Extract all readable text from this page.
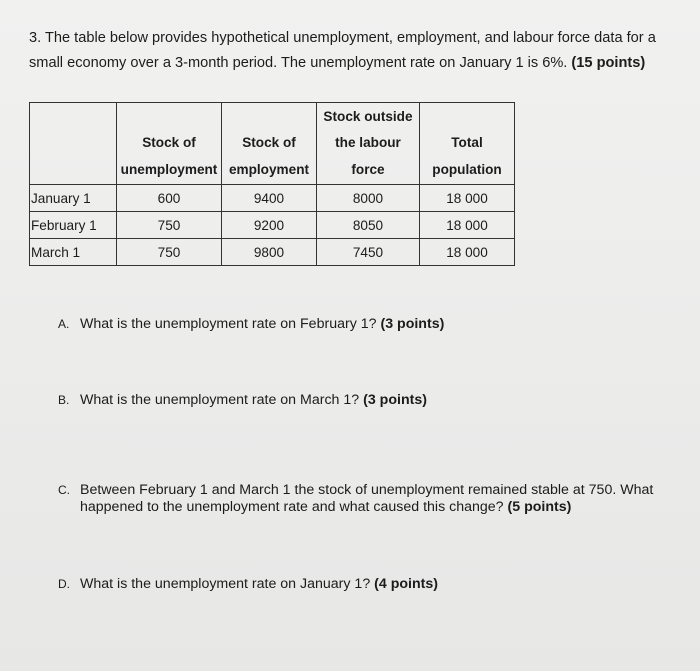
3. The table below provides hypothetical unemployment, employment, and labour force data for a
small economy over a 3-month period. The unemployment rate on January 1 is 6%. (15 points)

	Stock of
unemployment	Stock of
employment	Stock outside
the labour
force	Total
population

January 1	600	9400	8000	18 000
February 1	750	9200	8050	18 000
March 1	750	9800	7450	18 000
A. What is the unemployment rate on February 1? (3 points)
B. What is the unemployment rate on March 1? (3 points)
C. Between February 1 and March 1 the stock of unemployment remained stable at 750. What
happened to the unemployment rate and what caused this change? (5 points)
D. What is the unemployment rate on January 1? (4 points)
